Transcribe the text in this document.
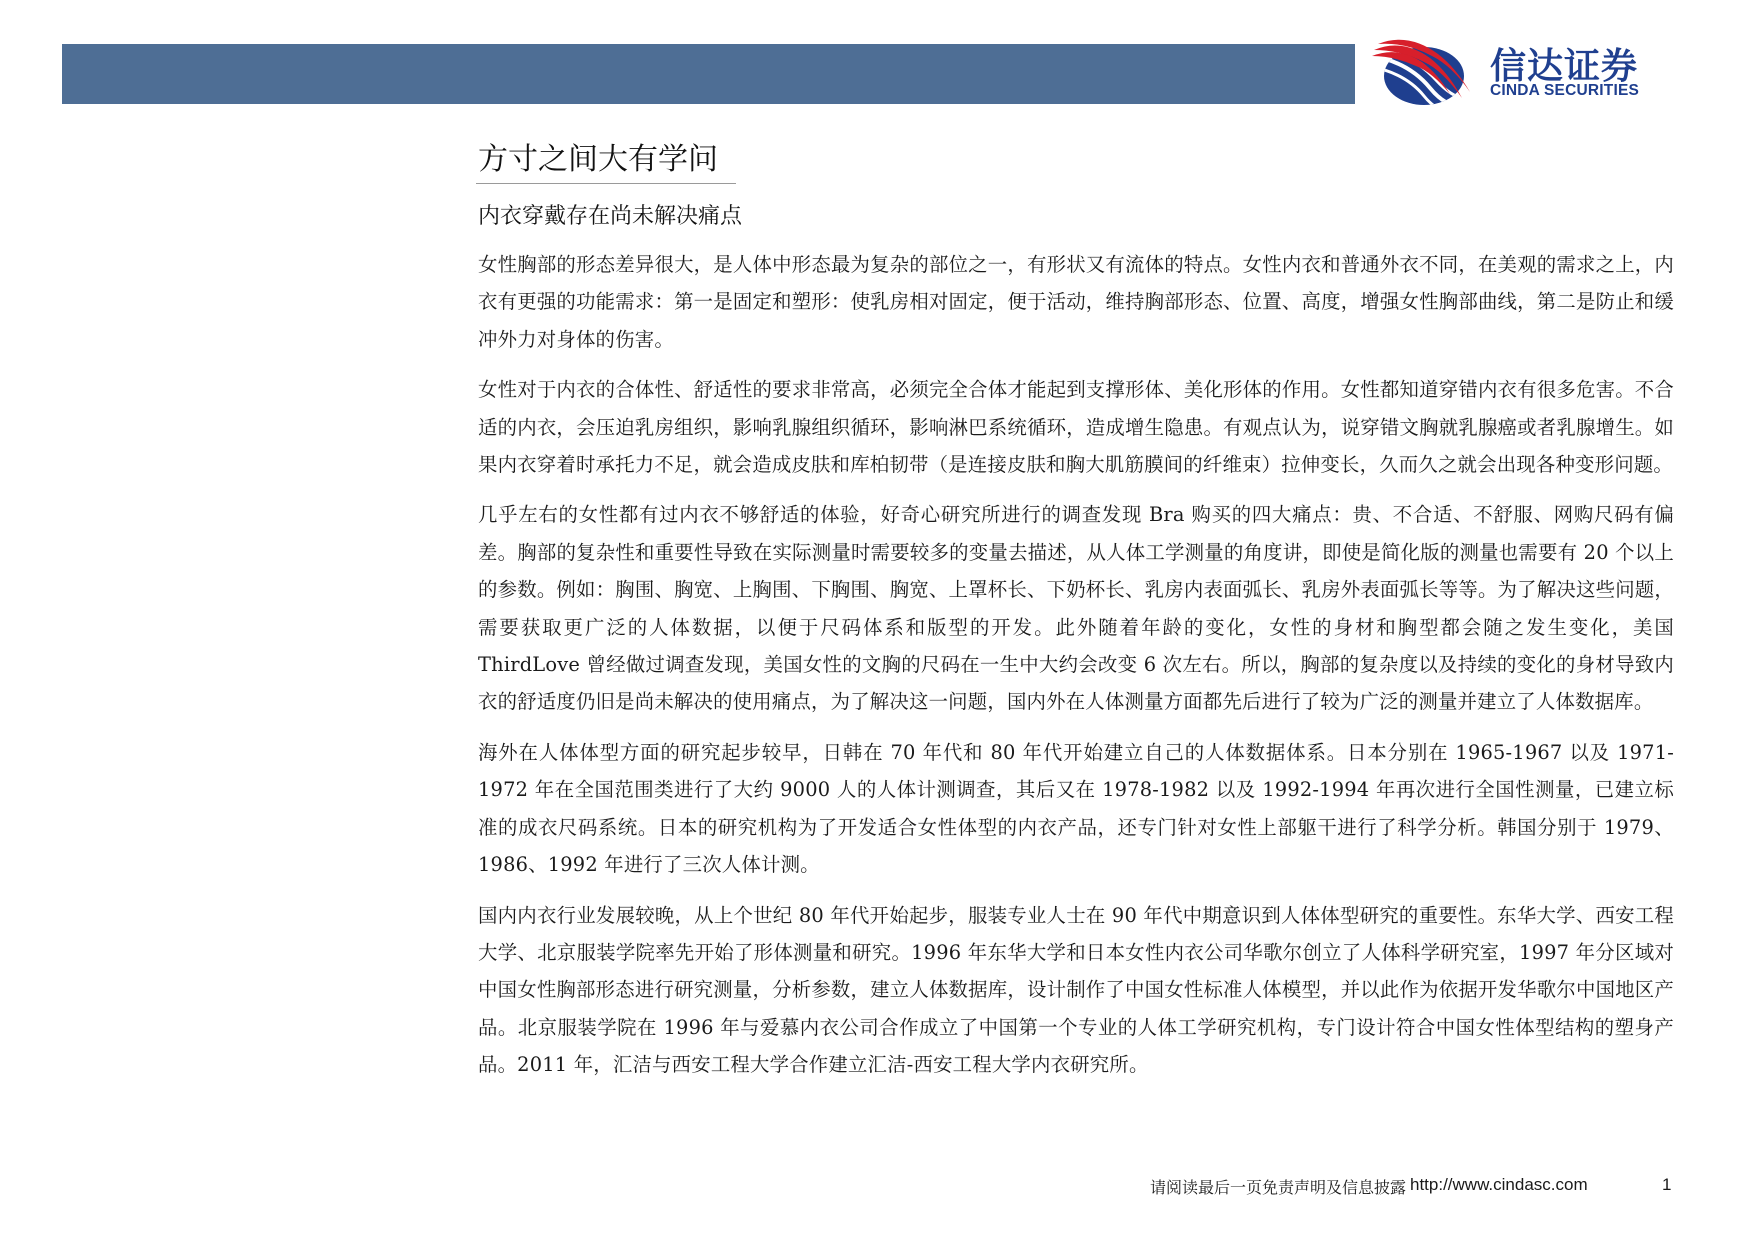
信达证券
CINDA SECURITIES
方寸之间大有学问
内衣穿戴存在尚未解决痛点

女性胸部的形态差异很大，是人体中形态最为复杂的部位之一，有形状又有流体的特点。女性内衣和普通外衣不同，在美观的需求之上，内衣有更强的功能需求：第一是固定和塑形：使乳房相对固定，便于活动，维持胸部形态、位置、高度，增强女性胸部曲线，第二是防止和缓冲外力对身体的伤害。

女性对于内衣的合体性、舒适性的要求非常高，必须完全合体才能起到支撑形体、美化形体的作用。女性都知道穿错内衣有很多危害。不合适的内衣，会压迫乳房组织，影响乳腺组织循环，影响淋巴系统循环，造成增生隐患。有观点认为，说穿错文胸就乳腺癌或者乳腺增生。如果内衣穿着时承托力不足，就会造成皮肤和库柏韧带（是连接皮肤和胸大肌筋膜间的纤维束）拉伸变长，久而久之就会出现各种变形问题。

几乎左右的女性都有过内衣不够舒适的体验，好奇心研究所进行的调查发现 Bra 购买的四大痛点：贵、不合适、不舒服、网购尺码有偏差。胸部的复杂性和重要性导致在实际测量时需要较多的变量去描述，从人体工学测量的角度讲，即使是简化版的测量也需要有 20 个以上的参数。例如：胸围、胸宽、上胸围、下胸围、胸宽、上罩杯长、下奶杯长、乳房内表面弧长、乳房外表面弧长等等。为了解决这些问题，需要获取更广泛的人体数据，以便于尺码体系和版型的开发。此外随着年龄的变化，女性的身材和胸型都会随之发生变化，美国 ThirdLove 曾经做过调查发现，美国女性的文胸的尺码在一生中大约会改变 6 次左右。所以，胸部的复杂度以及持续的变化的身材导致内衣的舒适度仍旧是尚未解决的使用痛点，为了解决这一问题，国内外在人体测量方面都先后进行了较为广泛的测量并建立了人体数据库。

海外在人体体型方面的研究起步较早，日韩在 70 年代和 80 年代开始建立自己的人体数据体系。日本分别在 1965-1967 以及 1971-1972 年在全国范围类进行了大约 9000 人的人体计测调查，其后又在 1978-1982 以及 1992-1994 年再次进行全国性测量，已建立标准的成衣尺码系统。日本的研究机构为了开发适合女性体型的内衣产品，还专门针对女性上部躯干进行了科学分析。韩国分别于 1979、1986、1992 年进行了三次人体计测。

国内内衣行业发展较晚，从上个世纪 80 年代开始起步，服装专业人士在 90 年代中期意识到人体体型研究的重要性。东华大学、西安工程大学、北京服装学院率先开始了形体测量和研究。1996 年东华大学和日本女性内衣公司华歌尔创立了人体科学研究室，1997 年分区域对中国女性胸部形态进行研究测量，分析参数，建立人体数据库，设计制作了中国女性标准人体模型，并以此作为依据开发华歌尔中国地区产品。北京服装学院在 1996 年与爱慕内衣公司合作成立了中国第一个专业的人体工学研究机构，专门设计符合中国女性体型结构的塑身产品。2011 年，汇洁与西安工程大学合作建立汇洁-西安工程大学内衣研究所。

请阅读最后一页免责声明及信息披露 http://www.cindasc.com	1
